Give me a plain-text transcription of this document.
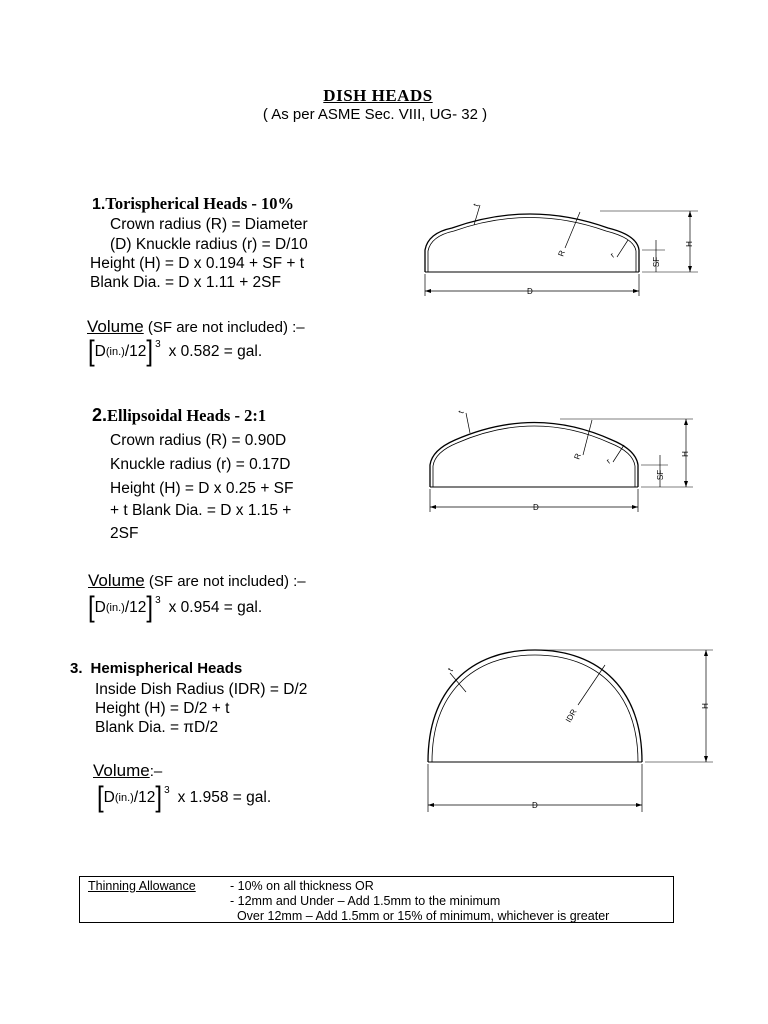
DISH HEADS
( As per ASME Sec. VIII, UG- 32 )
1.Torispherical Heads - 10%
Crown radius (R) = Diameter
(D) Knuckle radius (r) = D/10
Height (H) = D x 0.194 + SF + t
Blank Dia. = D x 1.11 + 2SF
Volume (SF are not included) :–
[ D (in.) /12 ] 3 x 0.582 = gal.
D
H
SF
R	r
t
2.Ellipsoidal Heads - 2:1
Crown radius (R) = 0.90D
Knuckle radius (r) = 0.17D
Height (H) = D x 0.25 + SF
+ t Blank Dia. = D x 1.15 +
2SF
Volume (SF are not included) :–
[ D (in.) /12 ] 3 x 0.954 = gal.
D
H
SF
R
r
t
3. Hemispherical Heads
Inside Dish Radius (IDR) = D/2
Height (H) = D/2 + t
Blank Dia. = πD/2
Volume:–
[ D (in.) /12 ] 3 x 1.958 = gal.	D
H
IDR
t
Thinning Allowance	- 10% on all thickness OR
- 12mm and Under – Add 1.5mm to the minimum
Over 12mm – Add 1.5mm or 15% of minimum, whichever is greater
